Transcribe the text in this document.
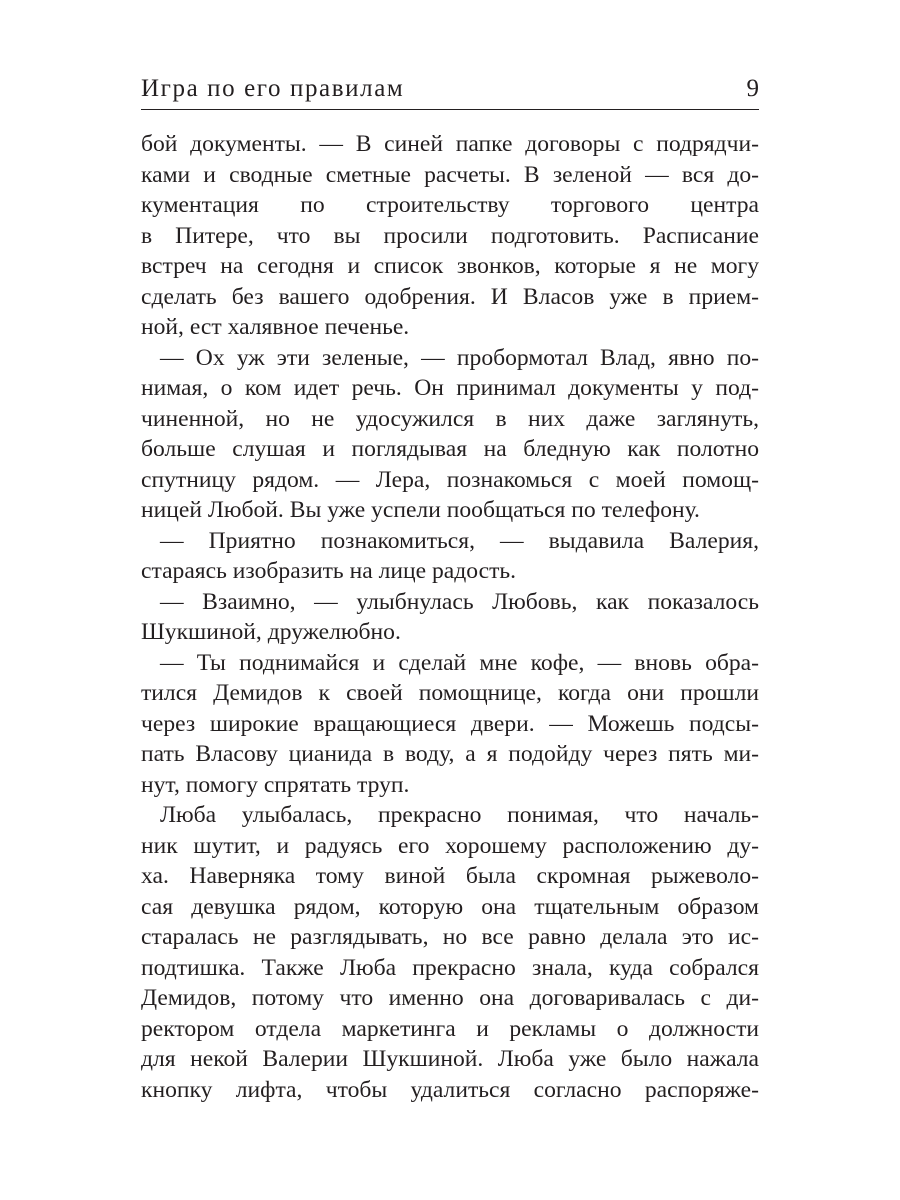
Игра по его правилам	9
бой документы. — В синей папке договоры с подрядчи-
ками и сводные сметные расчеты. В зеленой — вся до-
кументация по строительству торгового центра
в Питере, что вы просили подготовить. Расписание
встреч на сегодня и список звонков, которые я не могу
сделать без вашего одобрения. И Власов уже в прием-
ной, ест халявное печенье.
— Ох уж эти зеленые, — пробормотал Влад, явно по-
нимая, о ком идет речь. Он принимал документы у под-
чиненной, но не удосужился в них даже заглянуть,
больше слушая и поглядывая на бледную как полотно
спутницу рядом. — Лера, познакомься с моей помощ-
ницей Любой. Вы уже успели пообщаться по телефону.
— Приятно познакомиться, — выдавила Валерия,
стараясь изобразить на лице радость.
— Взаимно, — улыбнулась Любовь, как показалось
Шукшиной, дружелюбно.
— Ты поднимайся и сделай мне кофе, — вновь обра-
тился Демидов к своей помощнице, когда они прошли
через широкие вращающиеся двери. — Можешь подсы-
пать Власову цианида в воду, а я подойду через пять ми-
нут, помогу спрятать труп.
Люба улыбалась, прекрасно понимая, что началь-
ник шутит, и радуясь его хорошему расположению ду-
ха. Наверняка тому виной была скромная рыжеволо-
сая девушка рядом, которую она тщательным образом
старалась не разглядывать, но все равно делала это ис-
подтишка. Также Люба прекрасно знала, куда собрался
Демидов, потому что именно она договаривалась с ди-
ректором отдела маркетинга и рекламы о должности
для некой Валерии Шукшиной. Люба уже было нажала
кнопку лифта, чтобы удалиться согласно распоряже-
